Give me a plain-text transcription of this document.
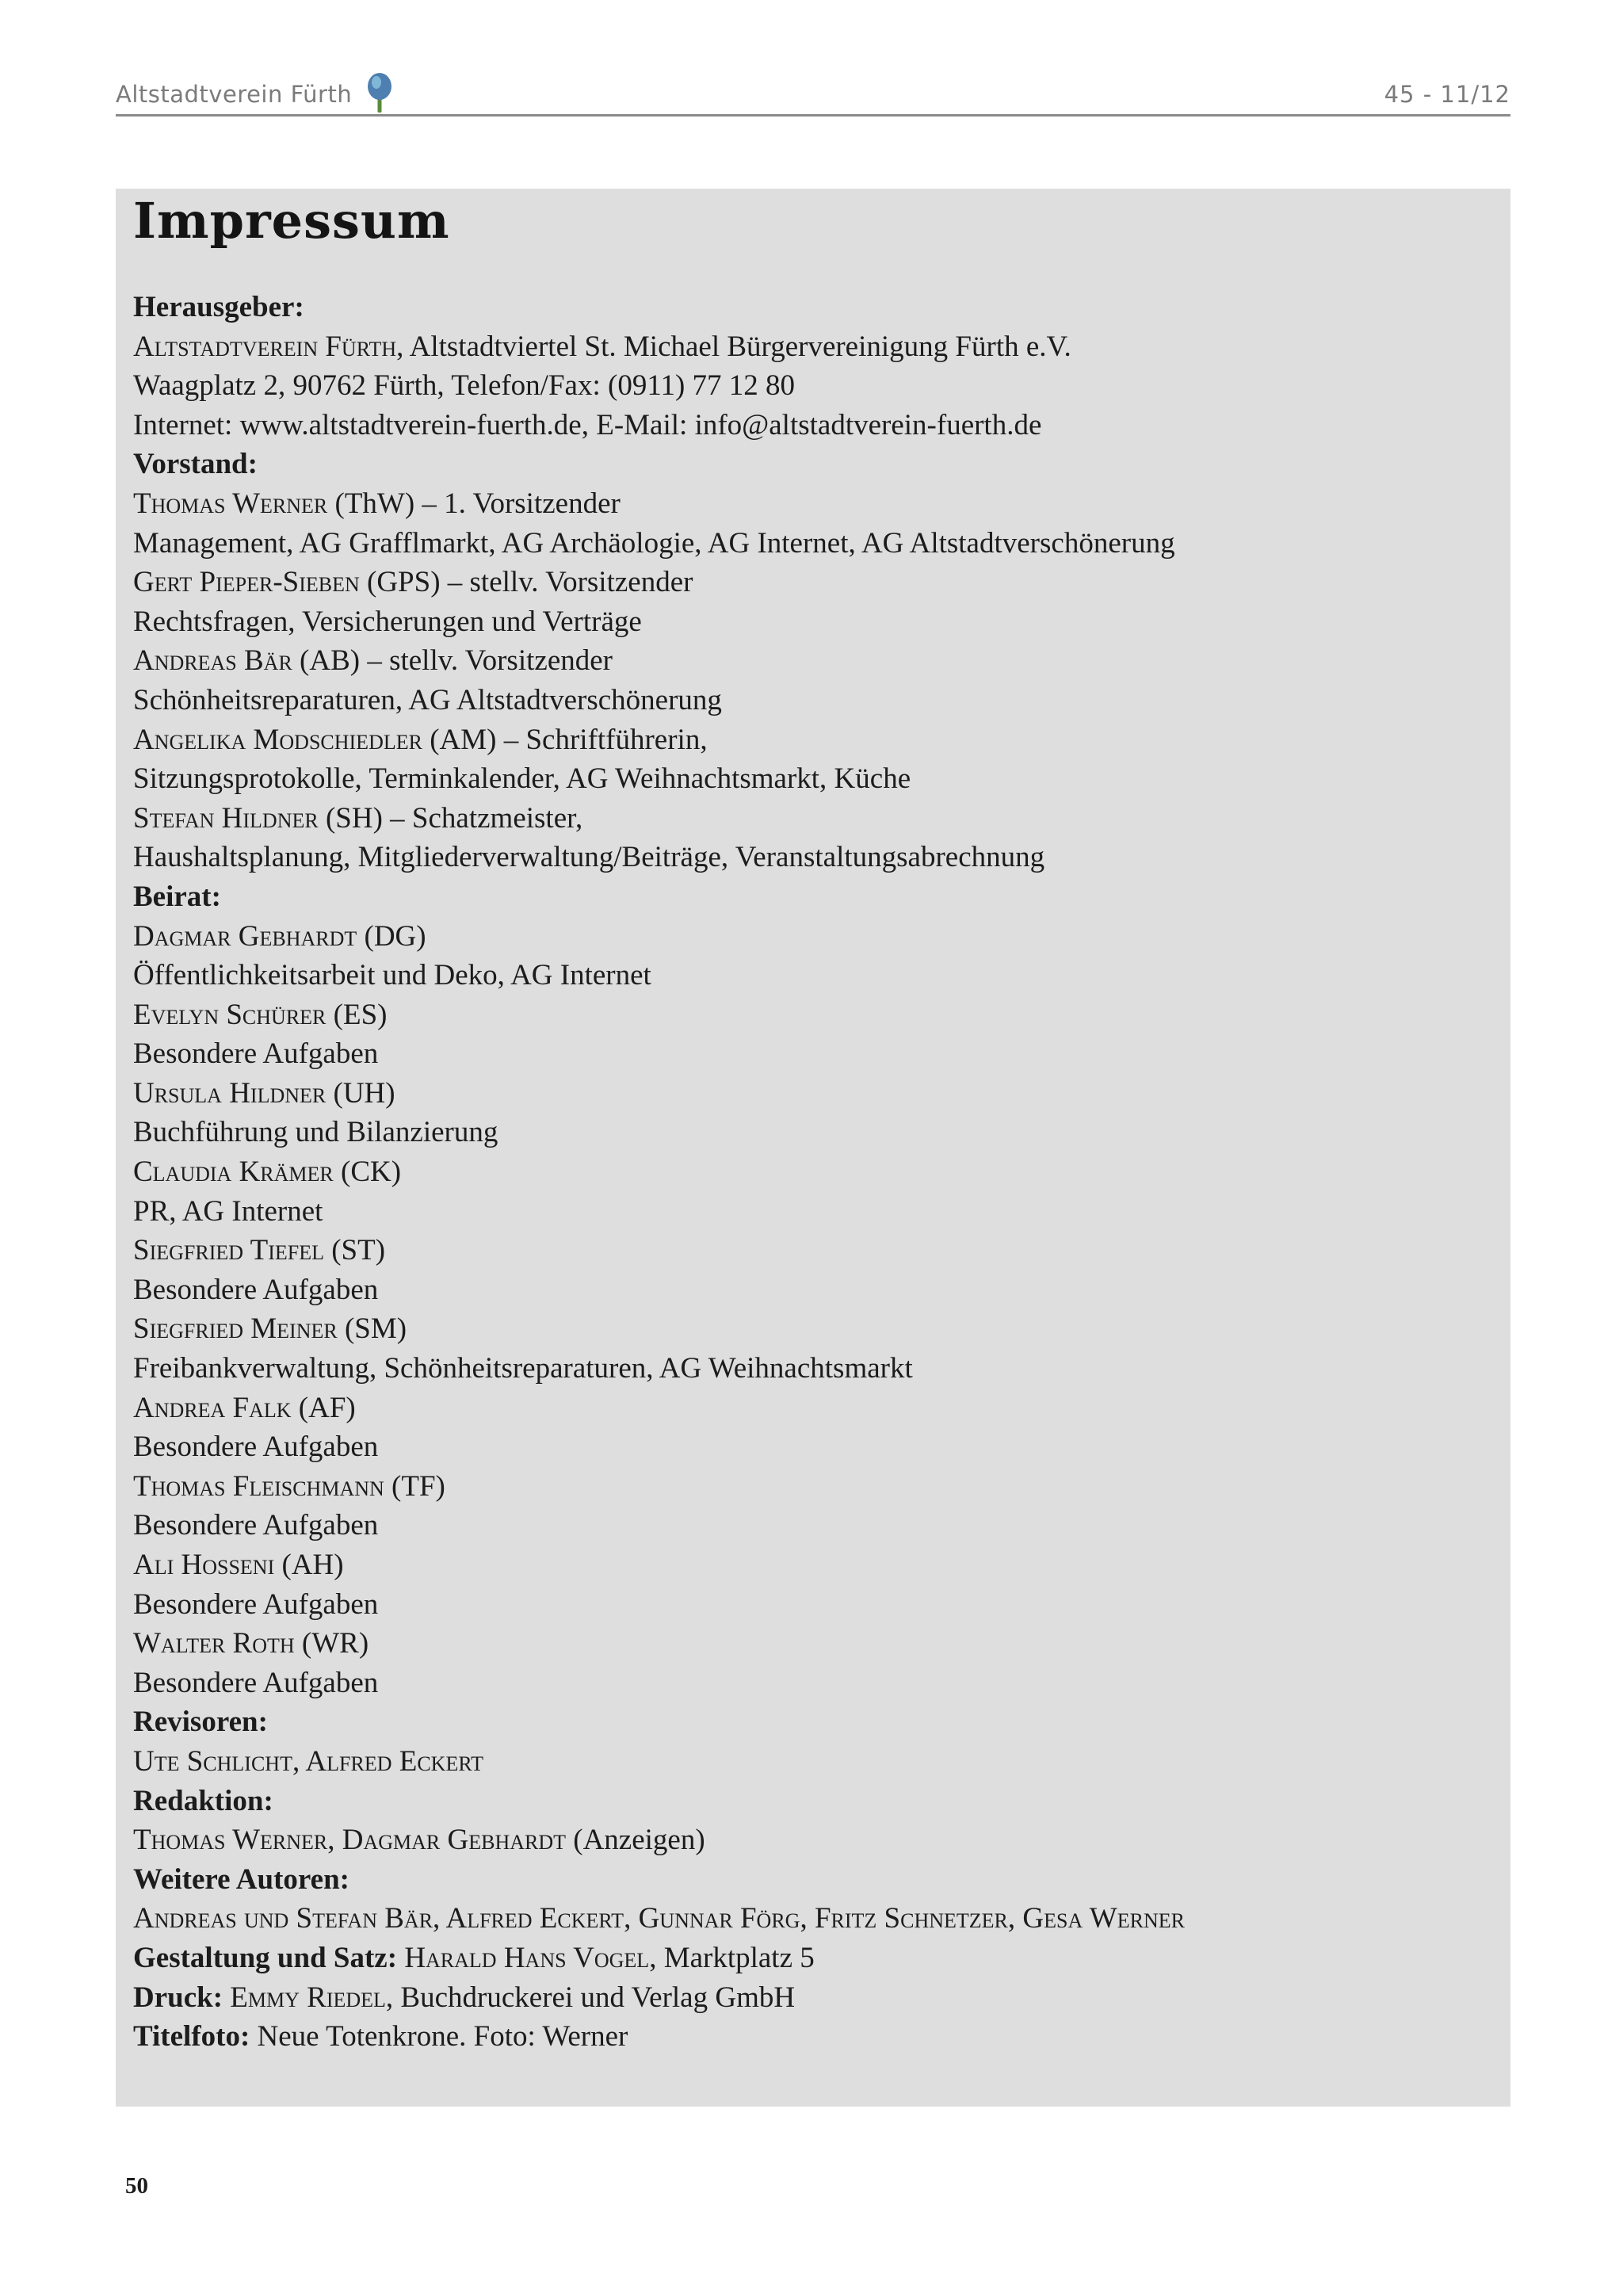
Altstadtverein Fürth	45 - 11/12
Impressum
Herausgeber:
Altstadtverein Fürth, Altstadtviertel St. Michael Bürgervereinigung Fürth e.V.
Waagplatz 2, 90762 Fürth, Telefon/Fax: (0911) 77 12 80
Internet: www.altstadtverein-fuerth.de, E-Mail: info@altstadtverein-fuerth.de
Vorstand:
Thomas Werner (ThW) – 1. Vorsitzender
Management, AG Grafflmarkt, AG Archäologie, AG Internet, AG Altstadtverschönerung
Gert Pieper-Sieben (GPS) – stellv. Vorsitzender
Rechtsfragen, Versicherungen und Verträge
Andreas Bär (AB) – stellv. Vorsitzender
Schönheitsreparaturen, AG Altstadtverschönerung
Angelika Modschiedler (AM) – Schriftführerin,
Sitzungsprotokolle, Terminkalender, AG Weihnachtsmarkt, Küche
Stefan Hildner (SH) – Schatzmeister,
Haushaltsplanung, Mitgliederverwaltung/Beiträge, Veranstaltungsabrechnung
Beirat:
Dagmar Gebhardt (DG)
Öffentlichkeitsarbeit und Deko, AG Internet
Evelyn Schürer (ES)
Besondere Aufgaben
Ursula Hildner (UH)
Buchführung und Bilanzierung
Claudia Krämer (CK)
PR, AG Internet
Siegfried Tiefel (ST)
Besondere Aufgaben
Siegfried Meiner (SM)
Freibankverwaltung, Schönheitsreparaturen, AG Weihnachtsmarkt
Andrea Falk (AF)
Besondere Aufgaben
Thomas Fleischmann (TF)
Besondere Aufgaben
Ali Hosseni (AH)
Besondere Aufgaben
Walter Roth (WR)
Besondere Aufgaben
Revisoren:
Ute Schlicht, Alfred Eckert
Redaktion:
Thomas Werner, Dagmar Gebhardt (Anzeigen)
Weitere Autoren:
Andreas und Stefan Bär, Alfred Eckert, Gunnar Förg, Fritz Schnetzer, Gesa Werner
Gestaltung und Satz: Harald Hans Vogel, Marktplatz 5
Druck: Emmy Riedel, Buchdruckerei und Verlag GmbH
Titelfoto: Neue Totenkrone. Foto: Werner
50
